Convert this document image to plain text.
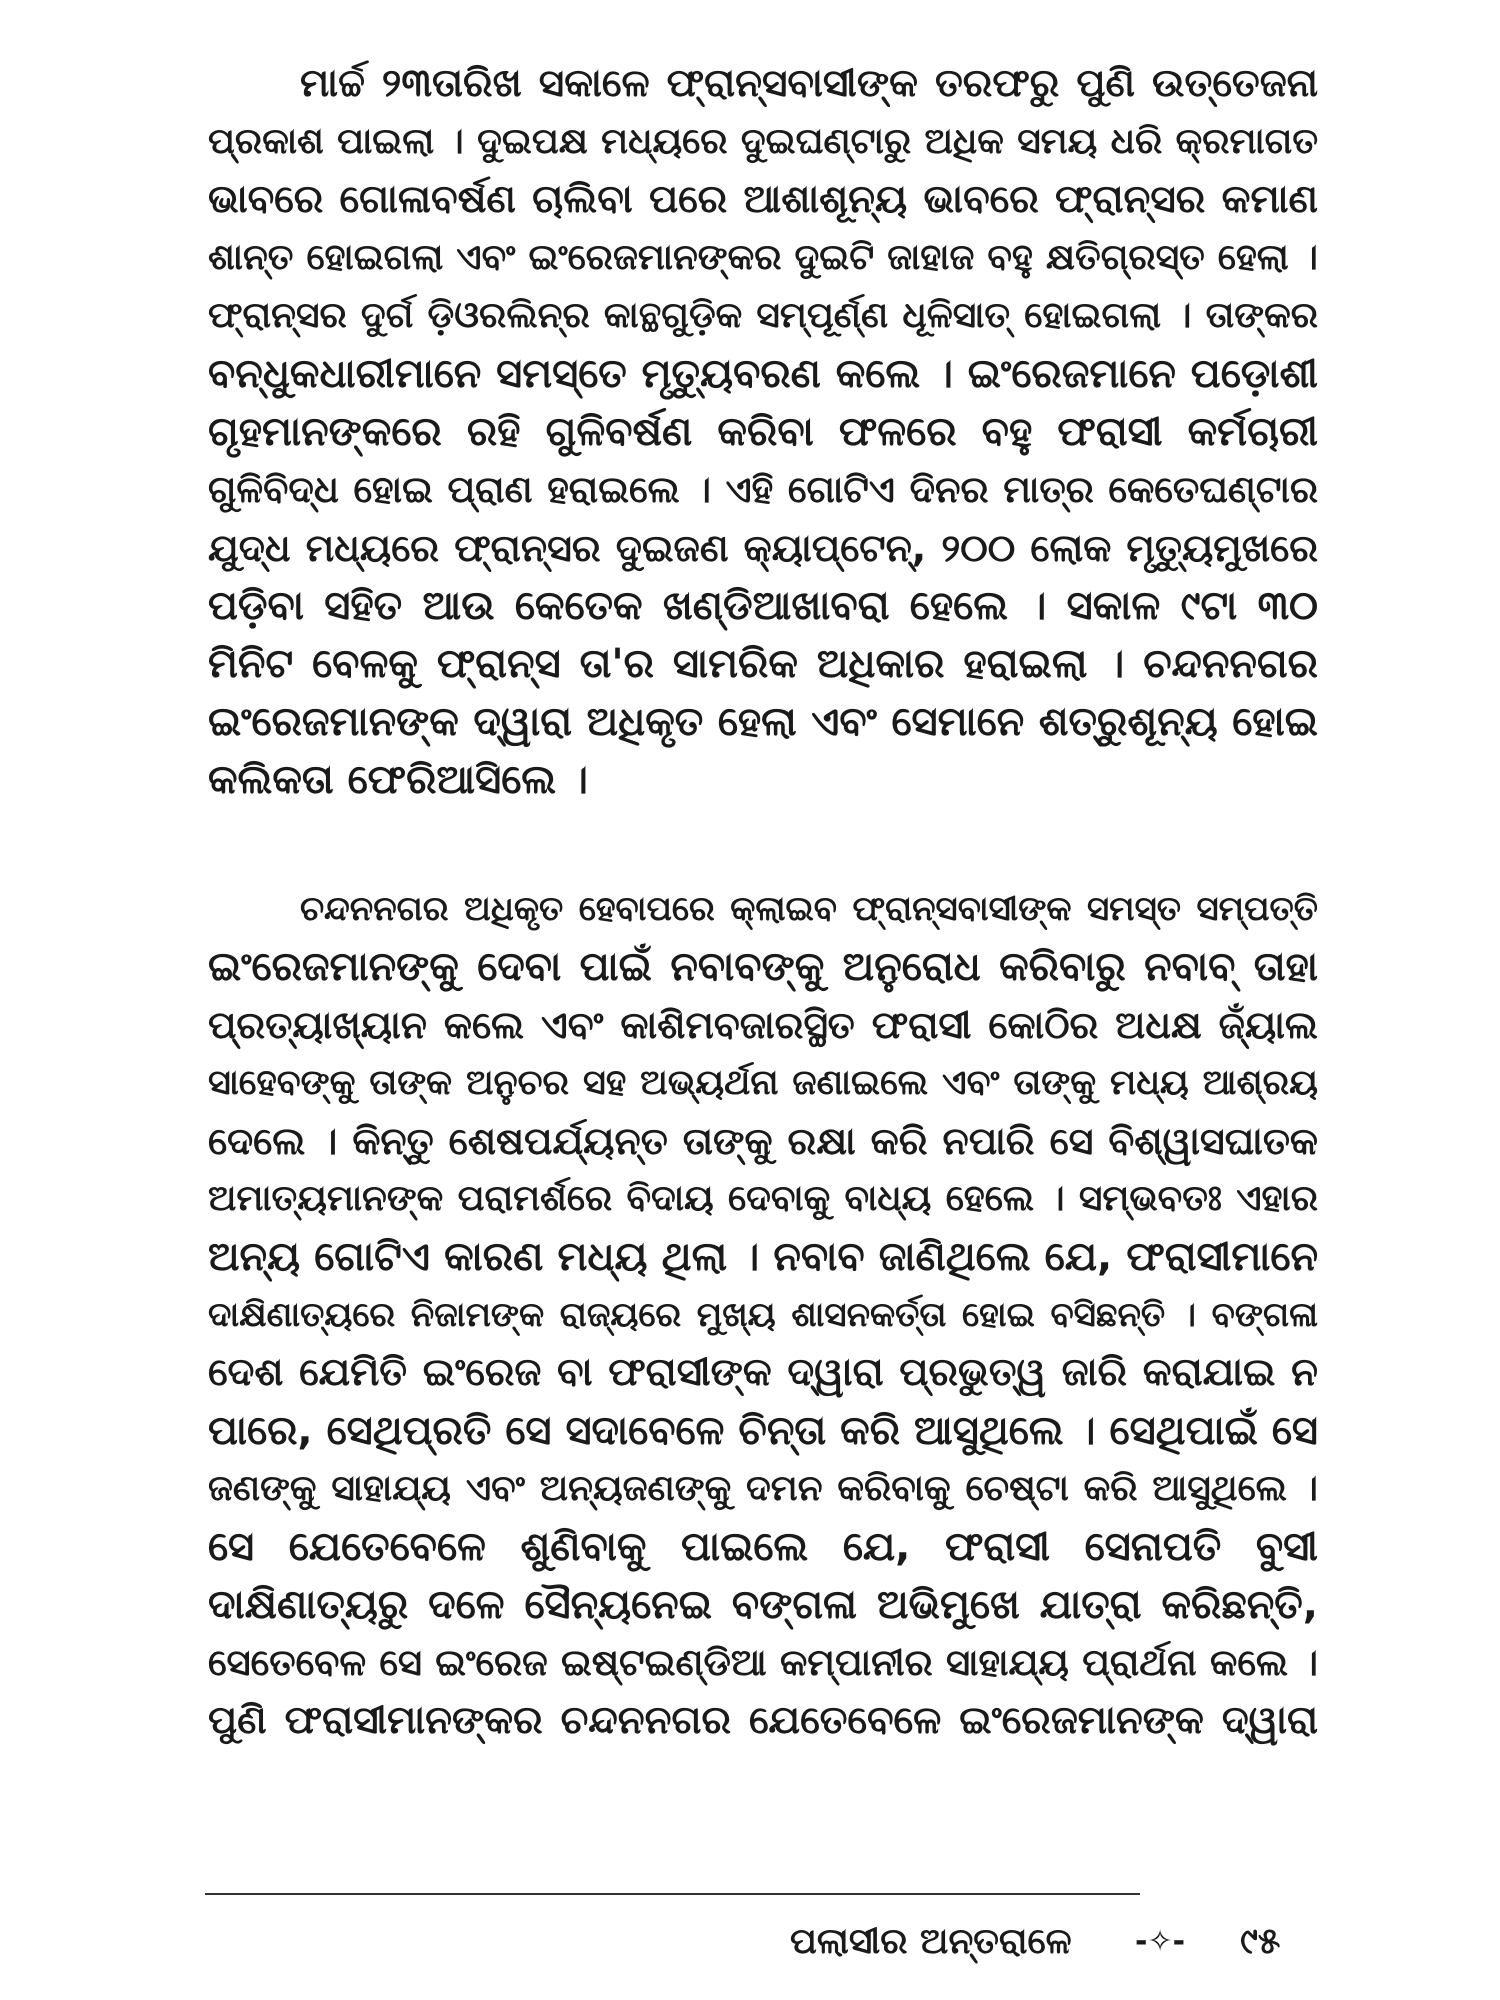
ମାର୍ଚ୍ଚ ୨୩ତାରିଖ ସକାଳେ ଫ୍ରାନ୍ସବାସୀଙ୍କ ତରଫରୁ ପୁଣି ଉତ୍ତେଜନା
ପ୍ରକାଶ ପାଇଲା । ଦୁଇପକ୍ଷ ମଧ୍ୟରେ ଦୁଇଘଣ୍ଟାରୁ ଅଧିକ ସମୟ ଧରି କ୍ରମାଗତ
ଭାବରେ ଗୋଳାବର୍ଷଣ ଚାଲିବା ପରେ ଆଶାଶୂନ୍ୟ ଭାବରେ ଫ୍ରାନ୍ସର କମାଣ
ଶାନ୍ତ ହୋଇଗଲା ଏବଂ ଇଂରେଜମାନଙ୍କର ଦୁଇଟି ଜାହାଜ ବହୁ କ୍ଷତିଗ୍ରସ୍ତ ହେଲା ।
ଫ୍ରାନ୍ସର ଦୁର୍ଗ ଡ଼ିଓରଲିନ୍‌ର କାନ୍ଥଗୁଡ଼ିକ ସମ୍ପୂର୍ଣ୍ଣ ଧୂଳିସାତ୍ ହୋଇଗଲା । ତାଙ୍କର
ବନ୍ଧୁକଧାରୀମାନେ ସମସ୍ତେ ମୃତ୍ୟୁବରଣ କଲେ । ଇଂରେଜମାନେ ପଡ଼ୋଶୀ
ଗୃହମାନଙ୍କରେ ରହି ଗୁଳିବର୍ଷଣ କରିବା ଫଳରେ ବହୁ ଫରାସୀ କର୍ମଚାରୀ
ଗୁଳିବିଦ୍ଧ ହୋଇ ପ୍ରାଣ ହରାଇଲେ । ଏହି ଗୋଟିଏ ଦିନର ମାତ୍ର କେତେଘଣ୍ଟାର
ଯୁଦ୍ଧ ମଧ୍ୟରେ ଫ୍ରାନ୍ସର ଦୁଇଜଣ କ୍ୟାପ୍‌ଟେନ୍, ୨୦୦ ଲୋକ ମୃତ୍ୟୁମୁଖରେ
ପଡ଼ିବା ସହିତ ଆଉ କେତେକ ଖଣ୍ଡିଆଖାବରା ହେଲେ । ସକାଳ ୯ଟା ୩୦
ମିନିଟ ବେଳକୁ ଫ୍ରାନ୍ସ ତା'ର ସାମରିକ ଅଧିକାର ହରାଇଲା । ଚନ୍ଦନନଗର
ଇଂରେଜମାନଙ୍କ ଦ୍ୱାରା ଅଧିକୃତ ହେଲା ଏବଂ ସେମାନେ ଶତ୍ରୁଶୂନ୍ୟ ହୋଇ
କଲିକତା ଫେରିଆସିଲେ ।
ଚନ୍ଦନନଗର ଅଧିକୃତ ହେବାପରେ କ୍ଲାଇବ ଫ୍ରାନ୍ସବାସୀଙ୍କ ସମସ୍ତ ସମ୍ପତ୍ତି
ଇଂରେଜମାନଙ୍କୁ ଦେବା ପାଇଁ ନବାବଙ୍କୁ ଅନୁରୋଧ କରିବାରୁ ନବାବ୍ ତାହା
ପ୍ରତ୍ୟାଖ୍ୟାନ କଲେ ଏବଂ କାଶିମବଜାରସ୍ଥିତ ଫରାସୀ କୋଠିର ଅଧକ୍ଷ ଜ୍ୟାଁଲ
ସାହେବଙ୍କୁ ତାଙ୍କ ଅନୁଚର ସହ ଅଭ୍ୟର୍ଥନା ଜଣାଇଲେ ଏବଂ ତାଙ୍କୁ ମଧ୍ୟ ଆଶ୍ରୟ
ଦେଲେ । କିନ୍ତୁ ଶେଷପର୍ଯ୍ୟନ୍ତ ତାଙ୍କୁ ରକ୍ଷା କରି ନପାରି ସେ ବିଶ୍ୱାସଘାତକ
ଅମାତ୍ୟମାନଙ୍କ ପରାମର୍ଶରେ ବିଦାୟ ଦେବାକୁ ବାଧ୍ୟ ହେଲେ । ସମ୍ଭବତଃ ଏହାର
ଅନ୍ୟ ଗୋଟିଏ କାରଣ ମଧ୍ୟ ଥିଲା । ନବାବ ଜାଣିଥିଲେ ଯେ, ଫରାସୀମାନେ
ଦାକ୍ଷିଣାତ୍ୟରେ ନିଜାମଙ୍କ ରାଜ୍ୟରେ ମୁଖ୍ୟ ଶାସନକର୍ତ୍ତା ହୋଇ ବସିଛନ୍ତି । ବଙ୍ଗଳା
ଦେଶ ଯେମିତି ଇଂରେଜ ବା ଫରାସୀଙ୍କ ଦ୍ୱାରା ପ୍ରଭୁତ୍ୱ ଜାରି କରାଯାଇ ନ
ପାରେ, ସେଥିପ୍ରତି ସେ ସଦାବେଳେ ଚିନ୍ତା କରି ଆସୁଥିଲେ । ସେଥିପାଇଁ ସେ
ଜଣଙ୍କୁ ସାହାଯ୍ୟ ଏବଂ ଅନ୍ୟଜଣଙ୍କୁ ଦମନ କରିବାକୁ ଚେଷ୍ଟା କରି ଆସୁଥିଲେ ।
ସେ ଯେତେବେଳେ ଶୁଣିବାକୁ ପାଇଲେ ଯେ, ଫରାସୀ ସେନାପତି ବୁସୀ
ଦାକ୍ଷିଣାତ୍ୟରୁ ଦଳେ ସୈନ୍ୟନେଇ ବଙ୍ଗଳା ଅଭିମୁଖେ ଯାତ୍ରା କରିଛନ୍ତି,
ସେତେବେଳ ସେ ଇଂରେଜ ଇଷ୍ଟଇଣ୍ଡିଆ କମ୍ପାନୀର ସାହାଯ୍ୟ ପ୍ରାର୍ଥନା କଲେ ।
ପୁଣି ଫରାସୀମାନଙ୍କର ଚନ୍ଦନନଗର ଯେତେବେଳେ ଇଂରେଜମାନଙ୍କ ଦ୍ୱାରା
ପଲାସୀର ଅନ୍ତରାଳେ -✧- ୯୫
